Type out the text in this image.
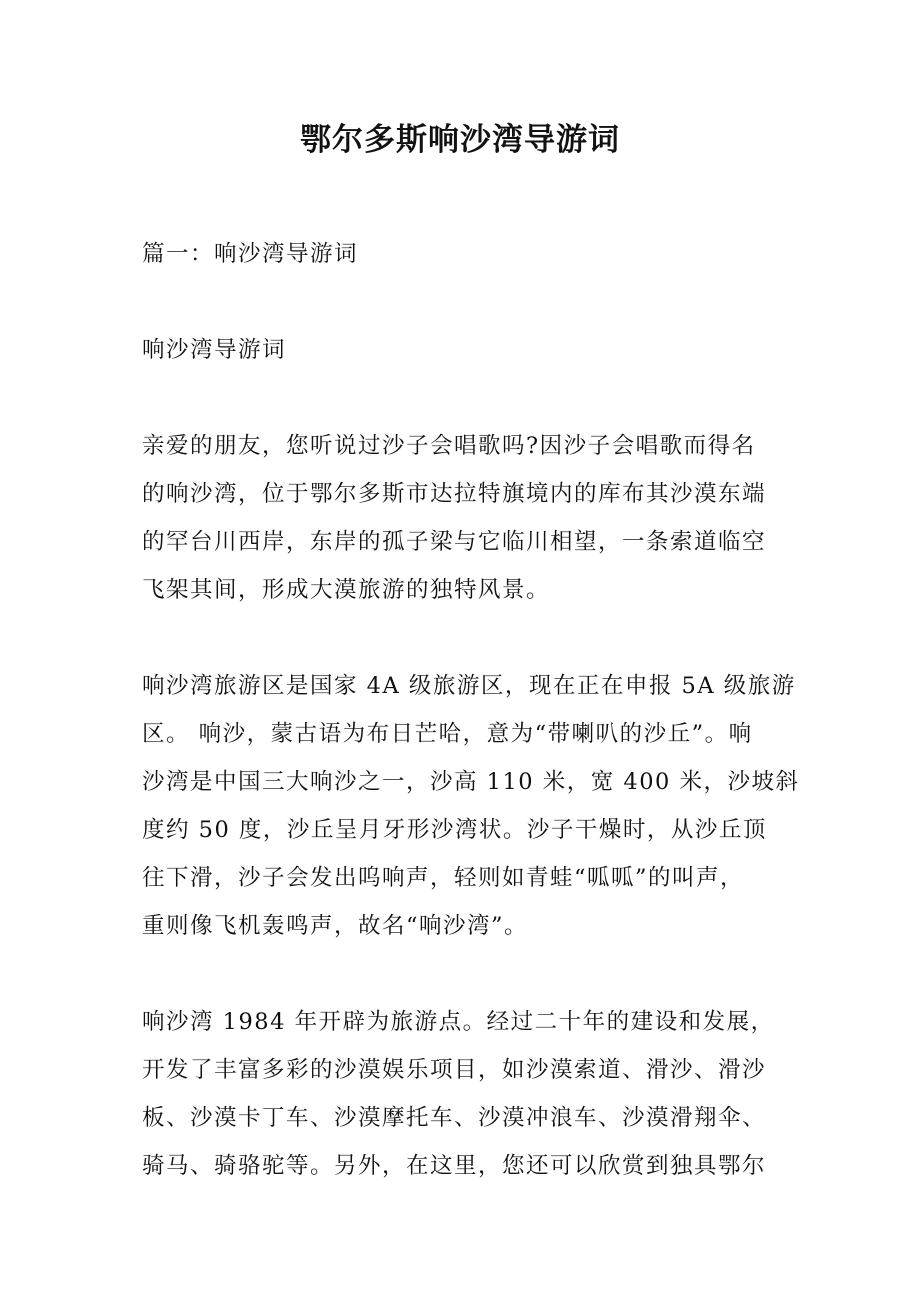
鄂尔多斯响沙湾导游词

篇一：响沙湾导游词

响沙湾导游词

亲爱的朋友，您听说过沙子会唱歌吗?因沙子会唱歌而得名
的响沙湾，位于鄂尔多斯市达拉特旗境内的库布其沙漠东端
的罕台川西岸，东岸的孤子梁与它临川相望，一条索道临空
飞架其间，形成大漠旅游的独特风景。
响沙湾旅游区是国家 4A 级旅游区，现在正在申报 5A 级旅游
区。 响沙，蒙古语为布日芒哈，意为“带喇叭的沙丘”。响
沙湾是中国三大响沙之一，沙高 110 米，宽 400 米，沙坡斜
度约 50 度，沙丘呈月牙形沙湾状。沙子干燥时，从沙丘顶
往下滑，沙子会发出呜响声，轻则如青蛙“呱呱”的叫声，
重则像飞机轰鸣声，故名“响沙湾”。
响沙湾 1984 年开辟为旅游点。经过二十年的建设和发展，
开发了丰富多彩的沙漠娱乐项目，如沙漠索道、滑沙、滑沙
板、沙漠卡丁车、沙漠摩托车、沙漠冲浪车、沙漠滑翔伞、
骑马、骑骆驼等。另外，在这里，您还可以欣赏到独具鄂尔
